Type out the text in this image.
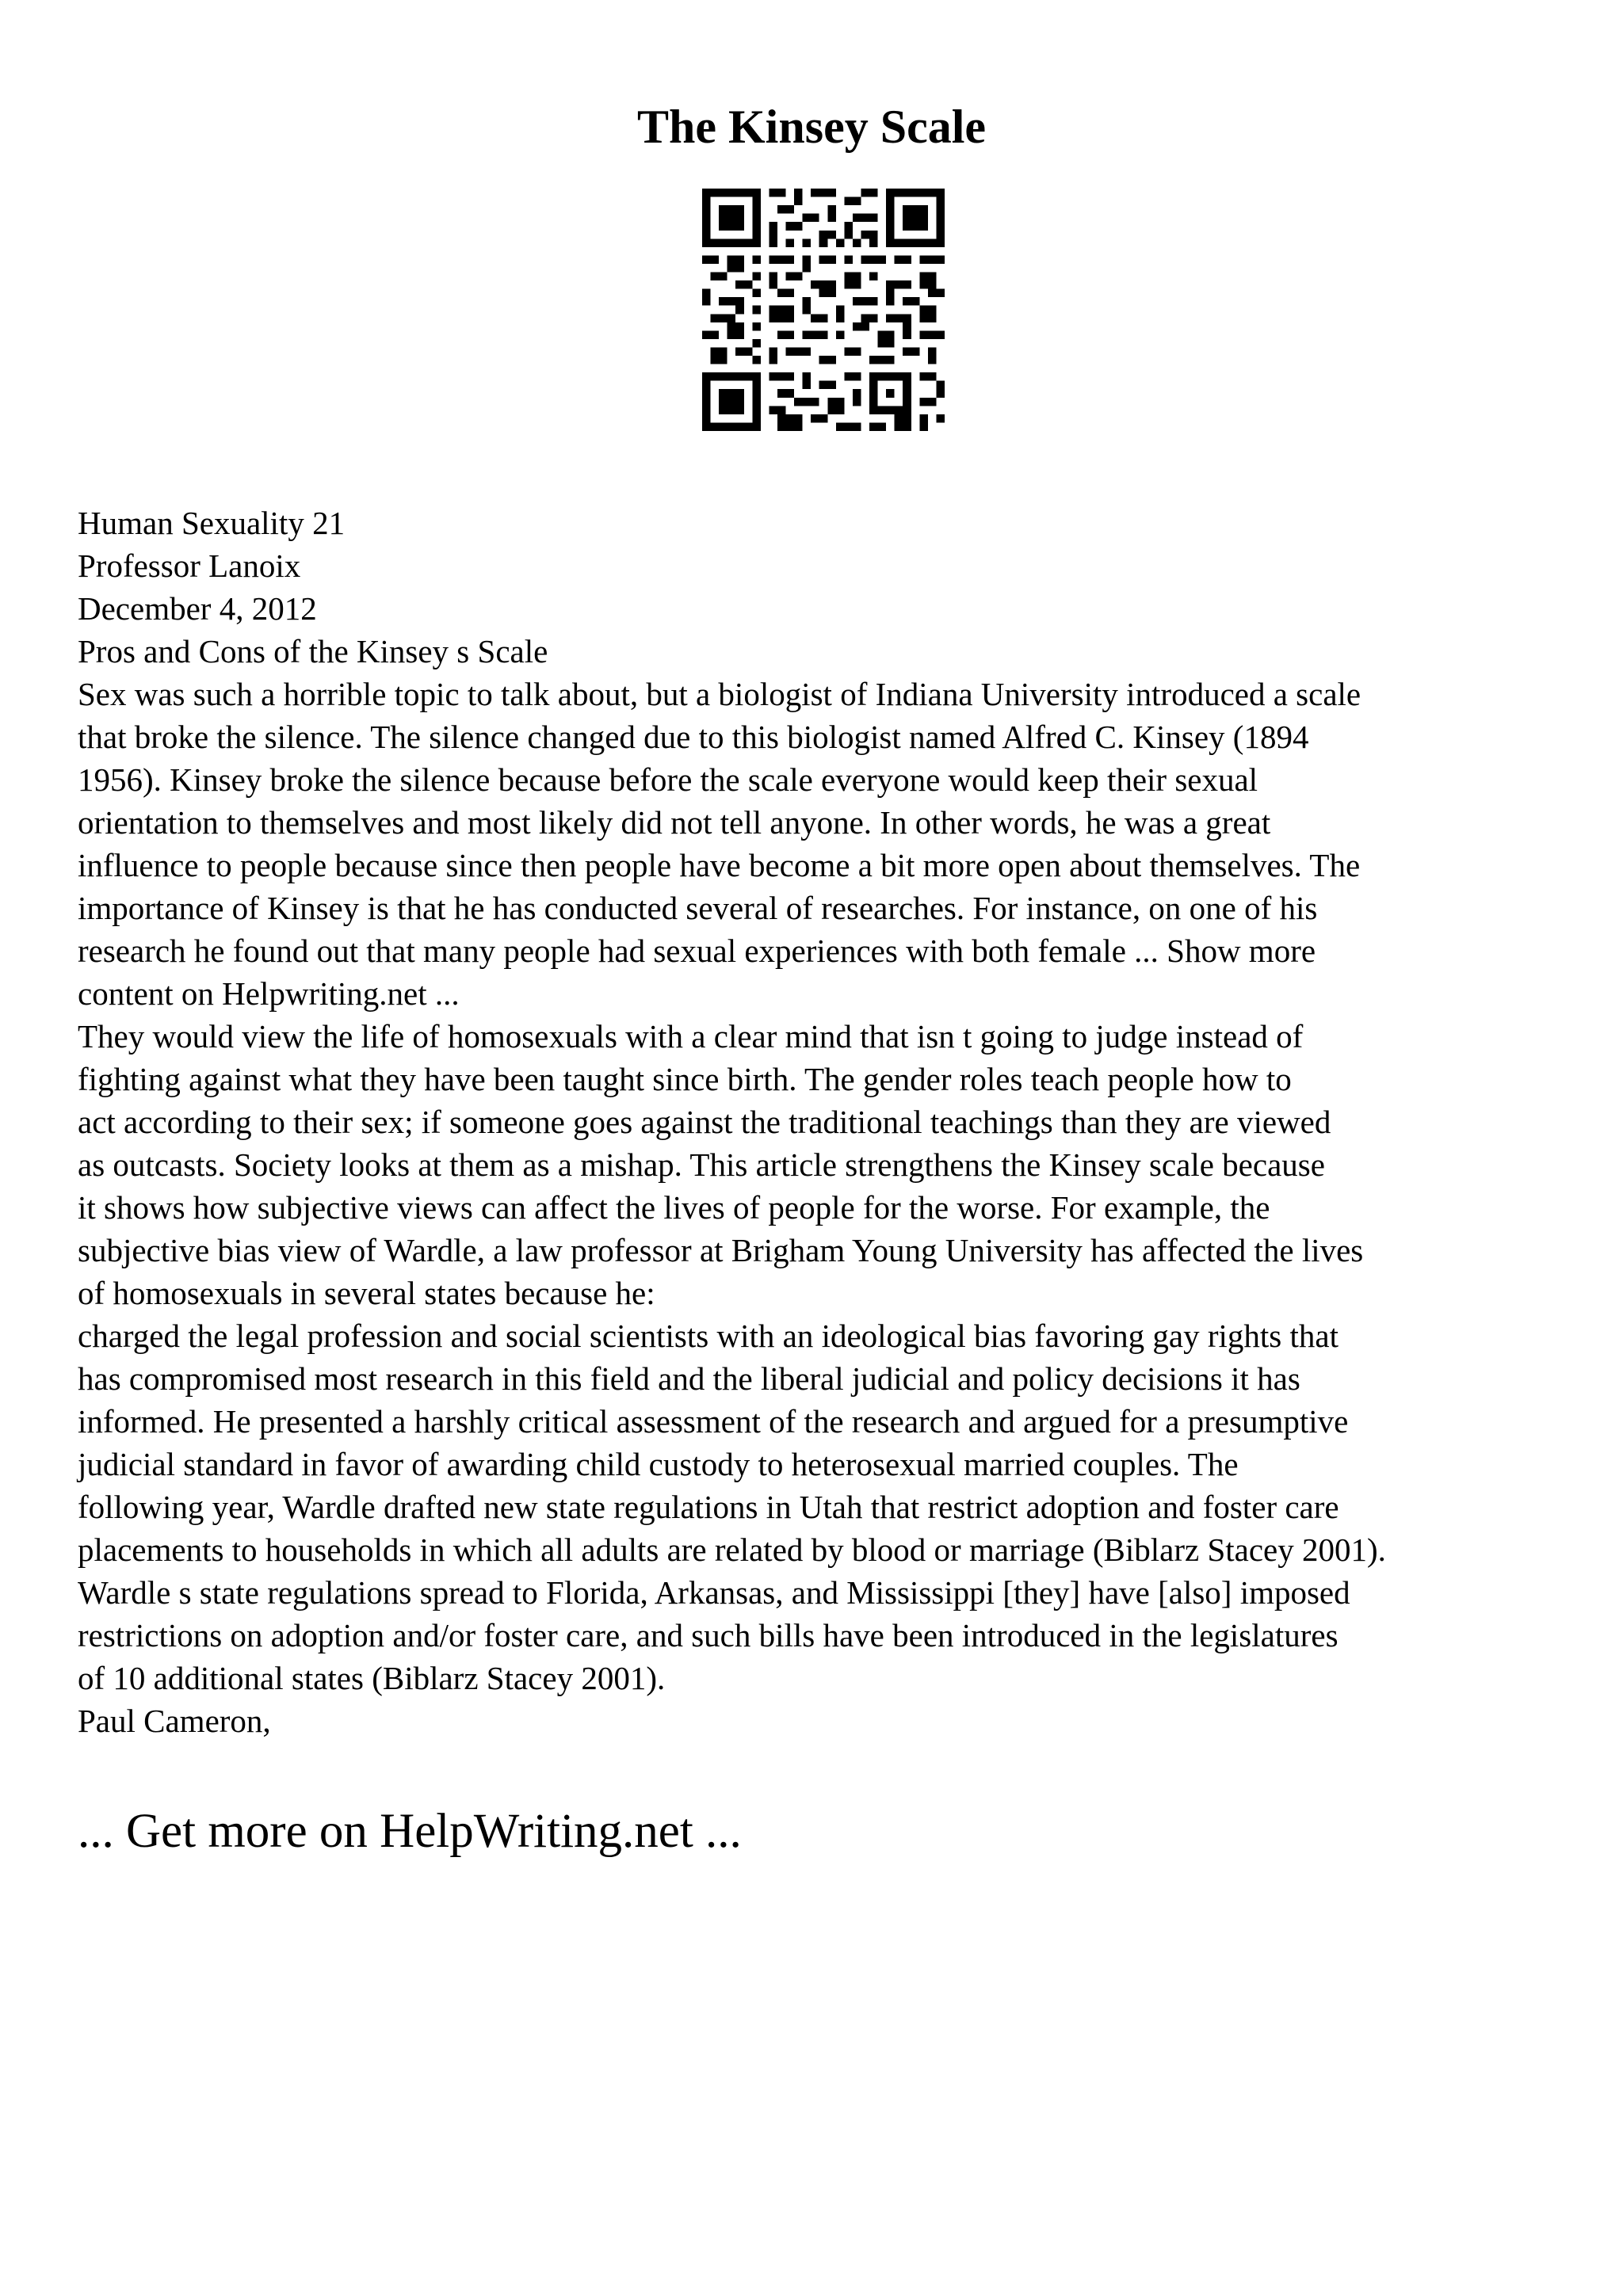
The Kinsey Scale
Human Sexuality 21
Professor Lanoix
December 4, 2012
Pros and Cons of the Kinsey s Scale
Sex was such a horrible topic to talk about, but a biologist of Indiana University introduced a scale
that broke the silence. The silence changed due to this biologist named Alfred C. Kinsey (1894
1956). Kinsey broke the silence because before the scale everyone would keep their sexual
orientation to themselves and most likely did not tell anyone. In other words, he was a great
influence to people because since then people have become a bit more open about themselves. The
importance of Kinsey is that he has conducted several of researches. For instance, on one of his
research he found out that many people had sexual experiences with both female ... Show more
content on Helpwriting.net ...
They would view the life of homosexuals with a clear mind that isn t going to judge instead of
fighting against what they have been taught since birth. The gender roles teach people how to
act according to their sex; if someone goes against the traditional teachings than they are viewed
as outcasts. Society looks at them as a mishap. This article strengthens the Kinsey scale because
it shows how subjective views can affect the lives of people for the worse. For example, the
subjective bias view of Wardle, a law professor at Brigham Young University has affected the lives
of homosexuals in several states because he:
charged the legal profession and social scientists with an ideological bias favoring gay rights that
has compromised most research in this field and the liberal judicial and policy decisions it has
informed. He presented a harshly critical assessment of the research and argued for a presumptive
judicial standard in favor of awarding child custody to heterosexual married couples. The
following year, Wardle drafted new state regulations in Utah that restrict adoption and foster care
placements to households in which all adults are related by blood or marriage (Biblarz Stacey 2001).
Wardle s state regulations spread to Florida, Arkansas, and Mississippi [they] have [also] imposed
restrictions on adoption and/or foster care, and such bills have been introduced in the legislatures
of 10 additional states (Biblarz Stacey 2001).
Paul Cameron,
... Get more on HelpWriting.net ...
